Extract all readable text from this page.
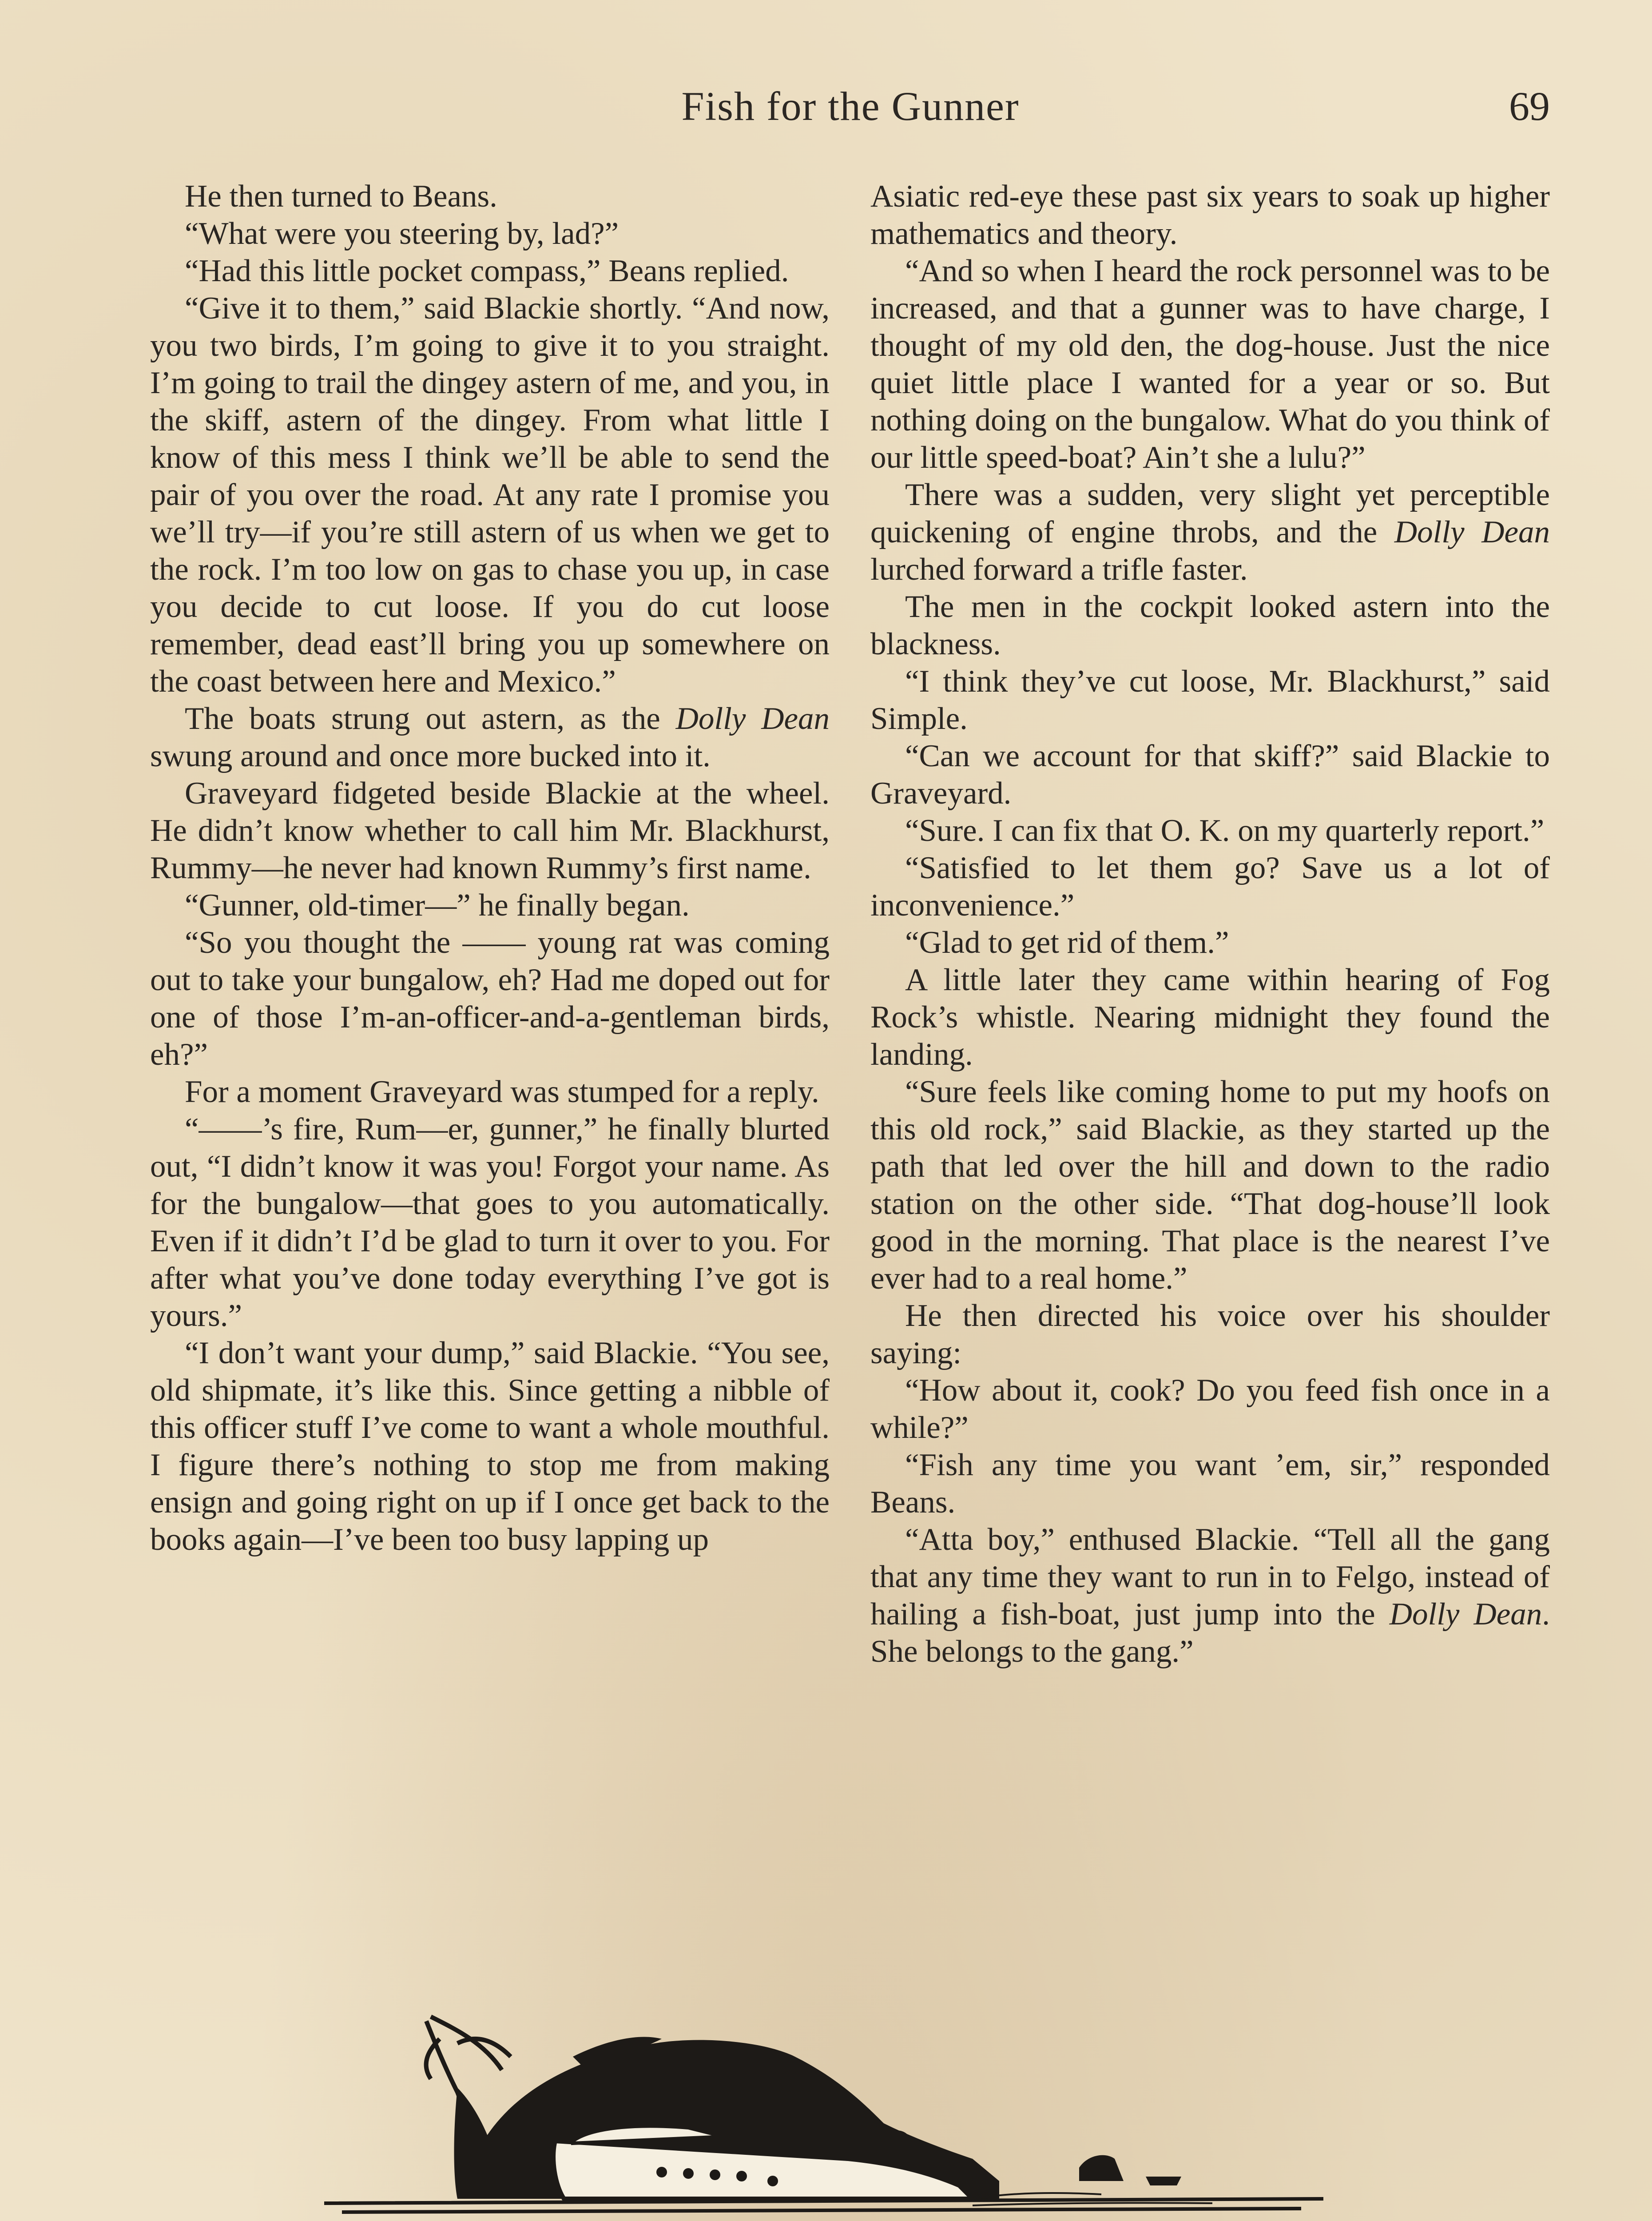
Fish for the Gunner	69

He then turned to Beans.

“What were you steering by, lad?”

“Had this little pocket compass,” Beans replied.

“Give it to them,” said Blackie shortly. “And now, you two birds, I’m going to give it to you straight. I’m going to trail the dingey astern of me, and you, in the skiff, astern of the dingey. From what little I know of this mess I think we’ll be able to send the pair of you over the road. At any rate I promise you we’ll try—if you’re still astern of us when we get to the rock. I’m too low on gas to chase you up, in case you decide to cut loose. If you do cut loose remember, dead east’ll bring you up somewhere on the coast between here and Mexico.”

The boats strung out astern, as the Dolly Dean swung around and once more bucked into it.

Graveyard fidgeted beside Blackie at the wheel. He didn’t know whether to call him Mr. Blackhurst, Rummy—he never had known Rummy’s first name.

“Gunner, old-timer—” he finally began.

“So you thought the —— young rat was coming out to take your bungalow, eh? Had me doped out for one of those I’m-an-officer-and-a-gentleman birds, eh?”

For a moment Graveyard was stumped for a reply.

“——’s fire, Rum—er, gunner,” he finally blurted out, “I didn’t know it was you! Forgot your name. As for the bungalow—that goes to you automatically. Even if it didn’t I’d be glad to turn it over to you. For after what you’ve done today everything I’ve got is yours.”

“I don’t want your dump,” said Blackie. “You see, old shipmate, it’s like this. Since getting a nibble of this officer stuff I’ve come to want a whole mouthful. I figure there’s nothing to stop me from making ensign and going right on up if I once get back to the books again—I’ve been too busy lapping up

Asiatic red-eye these past six years to soak up higher mathematics and theory.

“And so when I heard the rock personnel was to be increased, and that a gunner was to have charge, I thought of my old den, the dog-house. Just the nice quiet little place I wanted for a year or so. But nothing doing on the bungalow. What do you think of our little speed-boat? Ain’t she a lulu?”

There was a sudden, very slight yet perceptible quickening of engine throbs, and the Dolly Dean lurched forward a trifle faster.

The men in the cockpit looked astern into the blackness.

“I think they’ve cut loose, Mr. Blackhurst,” said Simple.

“Can we account for that skiff?” said Blackie to Graveyard.

“Sure. I can fix that O. K. on my quarterly report.”

“Satisfied to let them go? Save us a lot of inconvenience.”

“Glad to get rid of them.”

A little later they came within hearing of Fog Rock’s whistle. Nearing midnight they found the landing.

“Sure feels like coming home to put my hoofs on this old rock,” said Blackie, as they started up the path that led over the hill and down to the radio station on the other side. “That dog-house’ll look good in the morning. That place is the nearest I’ve ever had to a real home.”

He then directed his voice over his shoulder saying:

“How about it, cook? Do you feed fish once in a while?”

“Fish any time you want ’em, sir,” responded Beans.

“Atta boy,” enthused Blackie. “Tell all the gang that any time they want to run in to Felgo, instead of hailing a fish-boat, just jump into the Dolly Dean. She belongs to the gang.”
